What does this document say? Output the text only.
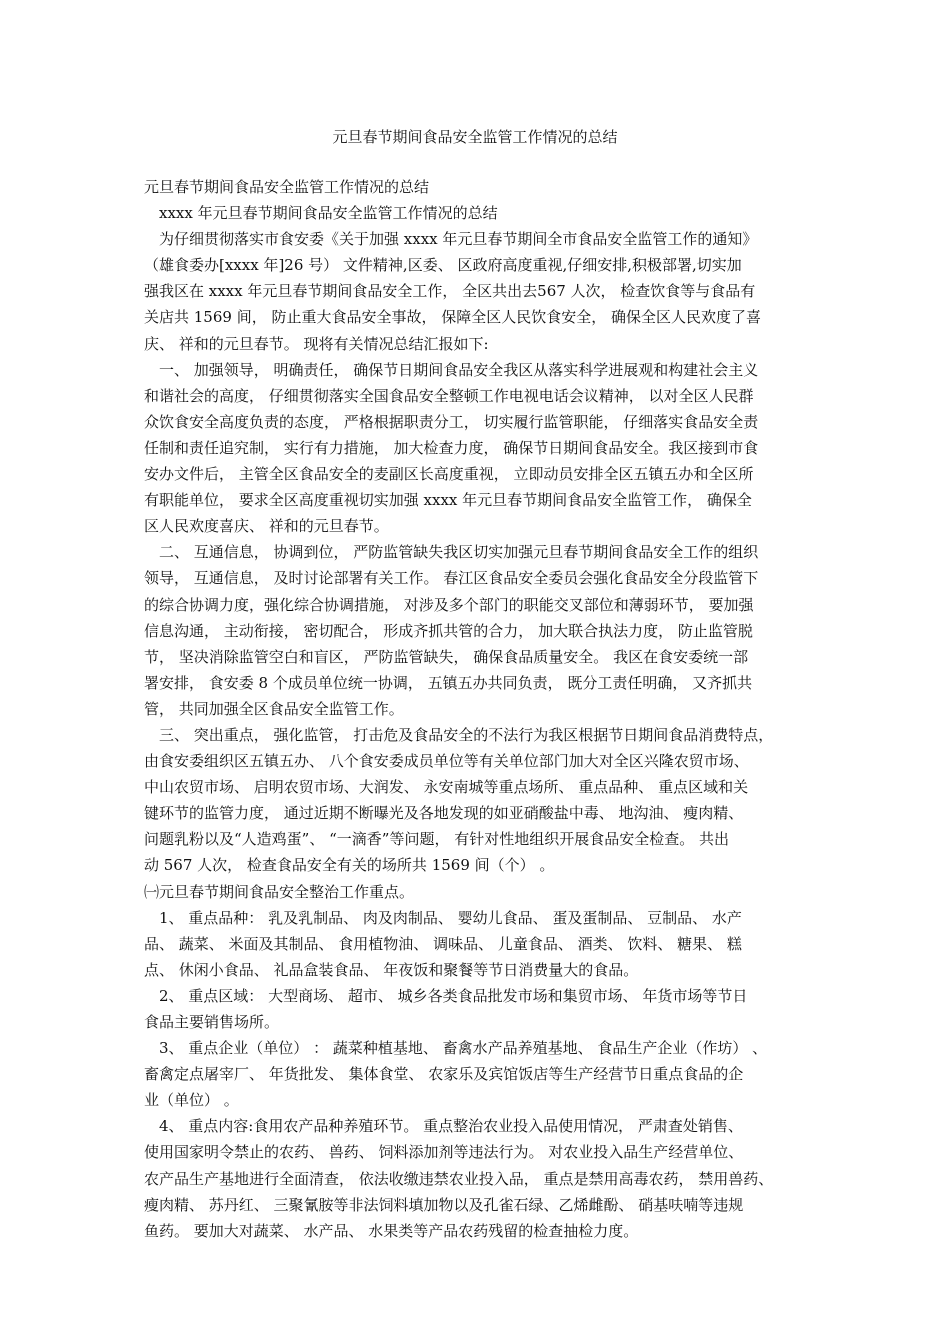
元旦春节期间食品安全监管工作情况的总结
元旦春节期间食品安全监管工作情况的总结
　xxxx 年元旦春节期间食品安全监管工作情况的总结
　为仔细贯彻落实市食安委《关于加强 xxxx 年元旦春节期间全市食品安全监管工作的通知》
（雄食委办[xxxx 年]26 号） 文件精神,区委、 区政府高度重视,仔细安排,积极部署,切实加
强我区在 xxxx 年元旦春节期间食品安全工作， 全区共出去567 人次， 检查饮食等与食品有
关店共 1569 间， 防止重大食品安全事故， 保障全区人民饮食安全， 确保全区人民欢度了喜
庆、 祥和的元旦春节。 现将有关情况总结汇报如下:
　一、 加强领导， 明确责任， 确保节日期间食品安全我区从落实科学进展观和构建社会主义
和谐社会的高度， 仔细贯彻落实全国食品安全整顿工作电视电话会议精神， 以对全区人民群
众饮食安全高度负责的态度， 严格根据职责分工， 切实履行监管职能， 仔细落实食品安全责
任制和责任追究制， 实行有力措施， 加大检查力度， 确保节日期间食品安全。我区接到市食
安办文件后， 主管全区食品安全的麦副区长高度重视， 立即动员安排全区五镇五办和全区所
有职能单位， 要求全区高度重视切实加强 xxxx 年元旦春节期间食品安全监管工作， 确保全
区人民欢度喜庆、 祥和的元旦春节。
　二、 互通信息， 协调到位， 严防监管缺失我区切实加强元旦春节期间食品安全工作的组织
领导， 互通信息， 及时讨论部署有关工作。 春江区食品安全委员会强化食品安全分段监管下
的综合协调力度，强化综合协调措施， 对涉及多个部门的职能交叉部位和薄弱环节， 要加强
信息沟通， 主动衔接， 密切配合， 形成齐抓共管的合力， 加大联合执法力度， 防止监管脱
节， 坚决消除监管空白和盲区， 严防监管缺失， 确保食品质量安全。 我区在食安委统一部
署安排， 食安委 8 个成员单位统一协调， 五镇五办共同负责， 既分工责任明确， 又齐抓共
管， 共同加强全区食品安全监管工作。
　三、 突出重点， 强化监管， 打击危及食品安全的不法行为我区根据节日期间食品消费特点，
由食安委组织区五镇五办、 八个食安委成员单位等有关单位部门加大对全区兴隆农贸市场、
中山农贸市场、 启明农贸市场、大润发、 永安南城等重点场所、 重点品种、 重点区域和关
键环节的监管力度， 通过近期不断曝光及各地发现的如亚硝酸盐中毒、 地沟油、 瘦肉精、
问题乳粉以及“人造鸡蛋”、 “一滴香”等问题， 有针对性地组织开展食品安全检查。 共出
动 567 人次， 检查食品安全有关的场所共 1569 间（个） 。
㈠元旦春节期间食品安全整治工作重点。
　1、 重点品种： 乳及乳制品、 肉及肉制品、 婴幼儿食品、 蛋及蛋制品、 豆制品、 水产
品、 蔬菜、 米面及其制品、 食用植物油、 调味品、 儿童食品、 酒类、 饮料、 糖果、 糕
点、 休闲小食品、 礼品盒装食品、 年夜饭和聚餐等节日消费量大的食品。
　2、 重点区域： 大型商场、 超市、 城乡各类食品批发市场和集贸市场、 年货市场等节日
食品主要销售场所。
　3、 重点企业（单位） ： 蔬菜种植基地、 畜禽水产品养殖基地、 食品生产企业（作坊） 、
畜禽定点屠宰厂、 年货批发、 集体食堂、 农家乐及宾馆饭店等生产经营节日重点食品的企
业（单位） 。
　4、 重点内容:食用农产品种养殖环节。 重点整治农业投入品使用情况， 严肃查处销售、
使用国家明令禁止的农药、 兽药、 饲料添加剂等违法行为。 对农业投入品生产经营单位、
农产品生产基地进行全面清查， 依法收缴违禁农业投入品， 重点是禁用高毒农药， 禁用兽药、
瘦肉精、 苏丹红、 三聚氰胺等非法饲料填加物以及孔雀石绿、乙烯雌酚、 硝基呋喃等违规
鱼药。 要加大对蔬菜、 水产品、 水果类等产品农药残留的检查抽检力度。
